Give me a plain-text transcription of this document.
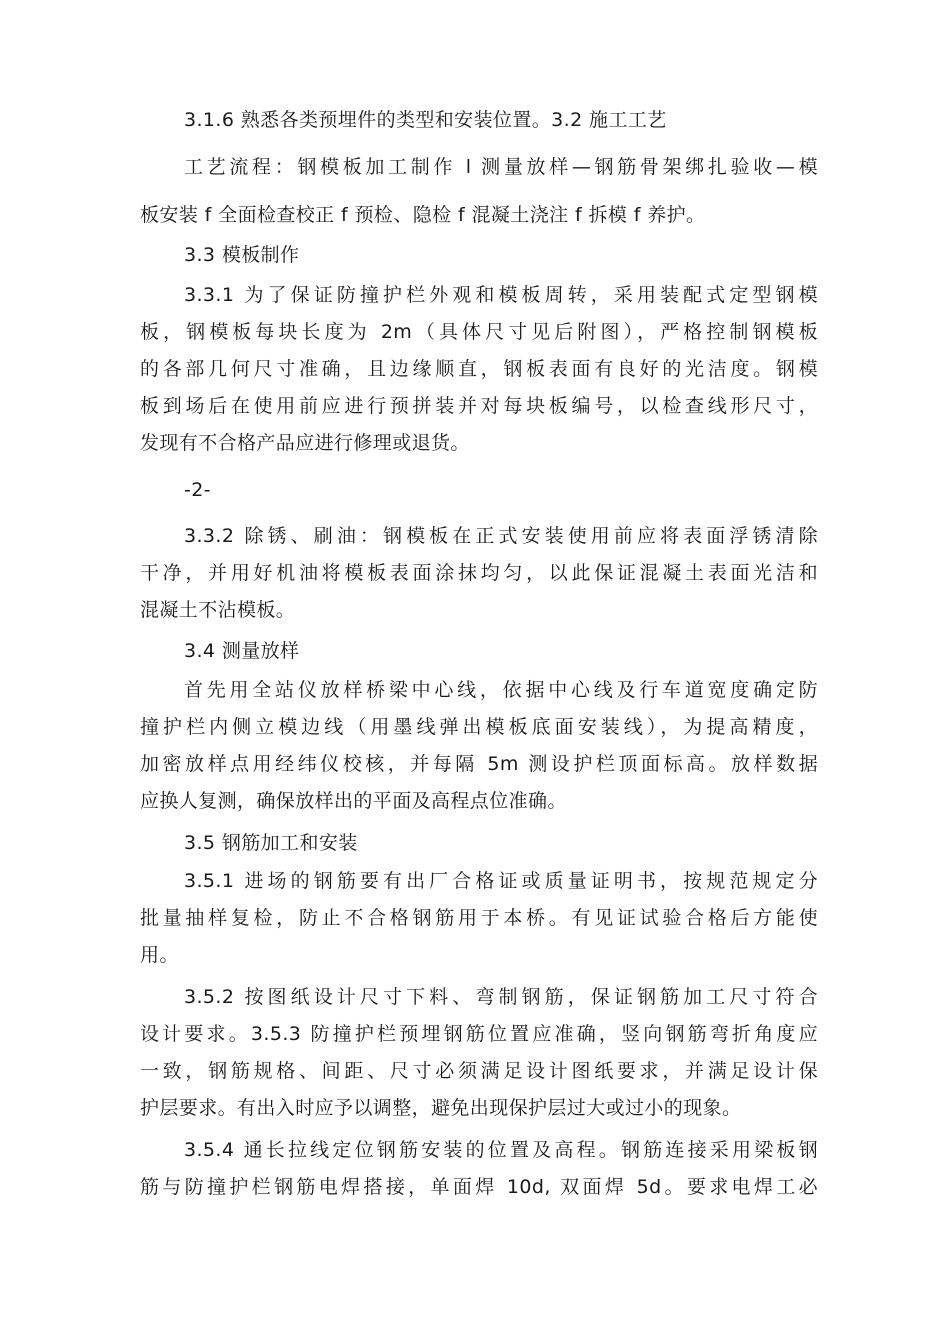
3.1.6 熟悉各类预埋件的类型和安装位置。3.2 施工工艺
工艺流程：钢模板加工制作 l 测量放样—钢筋骨架绑扎验收—模
板安装 f 全面检查校正 f 预检、隐检 f 混凝土浇注 f 拆模 f 养护。
3.3 模板制作
3.3.1 为了保证防撞护栏外观和模板周转，采用装配式定型钢模
板，钢模板每块长度为 2m（具体尺寸见后附图），严格控制钢模板
的各部几何尺寸准确，且边缘顺直，钢板表面有良好的光洁度。钢模
板到场后在使用前应进行预拼装并对每块板编号，以检查线形尺寸，
发现有不合格产品应进行修理或退货。
-2-
3.3.2 除锈、刷油：钢模板在正式安装使用前应将表面浮锈清除
干净，并用好机油将模板表面涂抹均匀，以此保证混凝土表面光洁和
混凝土不沾模板。
3.4 测量放样
首先用全站仪放样桥梁中心线，依据中心线及行车道宽度确定防
撞护栏内侧立模边线（用墨线弹出模板底面安装线），为提高精度，
加密放样点用经纬仪校核，并每隔 5m 测设护栏顶面标高。放样数据
应换人复测，确保放样出的平面及高程点位准确。
3.5 钢筋加工和安装
3.5.1 进场的钢筋要有出厂合格证或质量证明书，按规范规定分
批量抽样复检，防止不合格钢筋用于本桥。有见证试验合格后方能使
用。
3.5.2 按图纸设计尺寸下料、弯制钢筋，保证钢筋加工尺寸符合
设计要求。3.5.3 防撞护栏预埋钢筋位置应准确，竖向钢筋弯折角度应
一致，钢筋规格、间距、尺寸必须满足设计图纸要求，并满足设计保
护层要求。有出入时应予以调整，避免出现保护层过大或过小的现象。
3.5.4 通长拉线定位钢筋安装的位置及高程。钢筋连接采用梁板钢
筋与防撞护栏钢筋电焊搭接，单面焊 10d, 双面焊 5d。要求电焊工必
